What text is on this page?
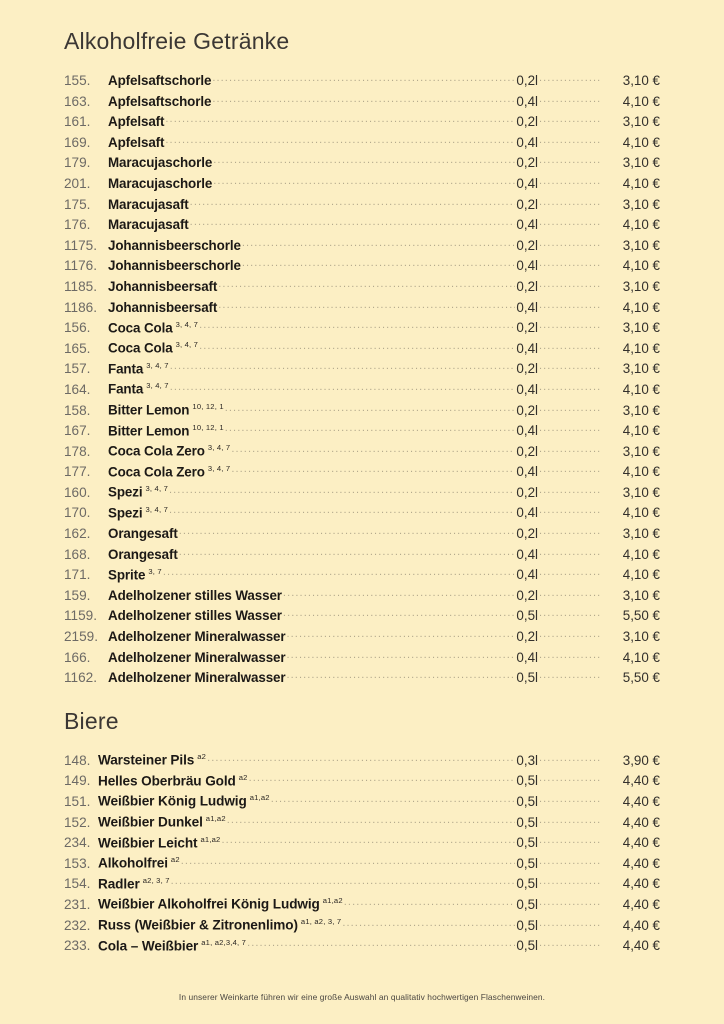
Alkoholfreie Getränke
155.	Apfelsaftschorle .....	0,2l .....	3,10 €
163.	Apfelsaftschorle .....	0,4l .....	4,10 €
161.	Apfelsaft .....	0,2l .....	3,10 €
169.	Apfelsaft .....	0,4l .....	4,10 €
179.	Maracujaschorle .....	0,2l .....	3,10 €
201.	Maracujaschorle .....	0,4l .....	4,10 €
175.	Maracujasaft .....	0,2l .....	3,10 €
176.	Maracujasaft .....	0,4l .....	4,10 €
1175. Johannisbeerschorle .....	0,2l .....	3,10 €
1176. Johannisbeerschorle .....	0,4l .....	4,10 €
1185. Johannisbeersaft .....	0,2l .....	3,10 €
1186. Johannisbeersaft .....	0,4l .....	4,10 €
156.	Coca Cola $^{3, 4, 7}$ .....	0,2l .....	3,10 €
165.	Coca Cola $^{3, 4, 7}$ .....	0,4l .....	4,10 €
157.	Fanta $^{3, 4, 7}$ .....	0,2l .....	3,10 €
164.	Fanta $^{3, 4, 7}$ .....	0,4l .....	4,10 €
158.	Bitter Lemon $^{10, 12, 1}$ .....	0,2l .....	3,10 €
167.	Bitter Lemon $^{10, 12, 1}$ .....	0,4l .....	4,10 €
178.	Coca Cola Zero $^{3, 4, 7}$ .....	0,2l .....	3,10 €
177.	Coca Cola Zero $^{3, 4, 7}$ .....	0,4l .....	4,10 €
160.	Spezi $^{3, 4, 7}$ .....	0,2l .....	3,10 €
170.	Spezi $^{3, 4, 7}$ .....	0,4l .....	4,10 €
162.	Orangesaft .....	0,2l .....	3,10 €
168.	Orangesaft .....	0,4l .....	4,10 €
171.	Sprite $^{3, 7}$ .....	0,4l .....	4,10 €
159.	Adelholzener stilles Wasser .....	0,2l .....	3,10 €
1159. Adelholzener stilles Wasser .....	0,5l .....	5,50 €
2159. Adelholzener Mineralwasser .....	0,2l .....	3,10 €
166.	Adelholzener Mineralwasser .....	0,4l .....	4,10 €
1162. Adelholzener Mineralwasser .....	0,5l .....	5,50 €
Biere
148. Warsteiner Pils $^{a2}$ .....	0,3l .....	3,90 €
149. Helles Oberbräu Gold $^{a2}$ .....	0,5l .....	4,40 €
151. Weißbier König Ludwig $^{a1,a2}$ .....	0,5l .....	4,40 €
152. Weißbier Dunkel $^{a1,a2}$ .....	0,5l .....	4,40 €
234. Weißbier Leicht $^{a1,a2}$ .....	0,5l .....	4,40 €
153. Alkoholfrei $^{a2}$ .....	0,5l .....	4,40 €
154. Radler $^{a2, 3, 7}$ .....	0,5l .....	4,40 €
231. Weißbier Alkoholfrei König Ludwig $^{a1,a2}$ .....	0,5l .....	4,40 €
232. Russ (Weißbier & Zitronenlimo) $^{a1, a2, 3, 7}$ .....	0,5l .....	4,40 €
233. Cola – Weißbier $^{a1, a2,3,4, 7}$ .....	0,5l .....	4,40 €
In unserer Weinkarte führen wir eine große Auswahl an qualitativ hochwertigen Flaschenweinen.
